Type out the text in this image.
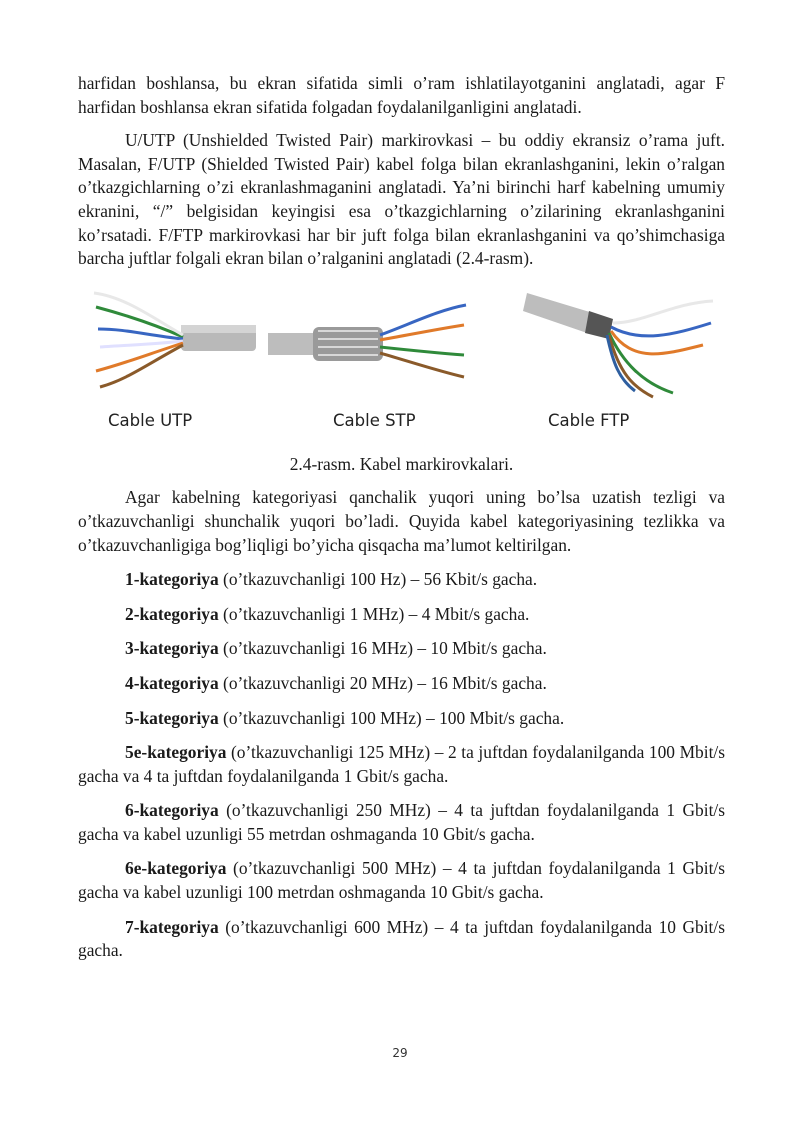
harfidan boshlansa, bu ekran sifatida simli o’ram ishlatilayotganini anglatadi, agar F harfidan boshlansa ekran sifatida folgadan foydalanilganligini anglatadi.

U/UTP (Unshielded Twisted Pair) markirovkasi – bu oddiy ekransiz o’rama juft. Masalan, F/UTP (Shielded Twisted Pair) kabel folga bilan ekranlashganini, lekin o’ralgan o’tkazgichlarning o’zi ekranlashmaganini anglatadi. Ya’ni birinchi harf kabelning umumiy ekranini, “/” belgisidan keyingisi esa o’tkazgichlarning o’zilarining ekranlashganini ko’rsatadi. F/FTP markirovkasi har bir juft folga bilan ekranlashganini va qo’shimchasiga barcha juftlar folgali ekran bilan o’ralganini anglatadi (2.4-rasm).

Cable UTP	Cable STP	Cable FTP

2.4-rasm. Kabel markirovkalari.

Agar kabelning kategoriyasi qanchalik yuqori uning bo’lsa uzatish tezligi va o’tkazuvchanligi shunchalik yuqori bo’ladi. Quyida kabel kategoriyasining tezlikka va o’tkazuvchanligiga bog’liqligi bo’yicha qisqacha ma’lumot keltirilgan.

1-kategoriya (o’tkazuvchanligi 100 Hz) – 56 Kbit/s gacha.

2-kategoriya (o’tkazuvchanligi 1 MHz) – 4 Mbit/s gacha.

3-kategoriya (o’tkazuvchanligi 16 MHz) – 10 Mbit/s gacha.

4-kategoriya (o’tkazuvchanligi 20 MHz) – 16 Mbit/s gacha.

5-kategoriya (o’tkazuvchanligi 100 MHz) – 100 Mbit/s gacha.

5e-kategoriya (o’tkazuvchanligi 125 MHz) – 2 ta juftdan foydalanilganda 100 Mbit/s gacha va 4 ta juftdan foydalanilganda 1 Gbit/s gacha.

6-kategoriya (o’tkazuvchanligi 250 MHz) – 4 ta juftdan foydalanilganda 1 Gbit/s gacha va kabel uzunligi 55 metrdan oshmaganda 10 Gbit/s gacha.

6e-kategoriya (o’tkazuvchanligi 500 MHz) – 4 ta juftdan foydalanilganda 1 Gbit/s gacha va kabel uzunligi 100 metrdan oshmaganda 10 Gbit/s gacha.

7-kategoriya (o’tkazuvchanligi 600 MHz) – 4 ta juftdan foydalanilganda 10 Gbit/s gacha.

29
